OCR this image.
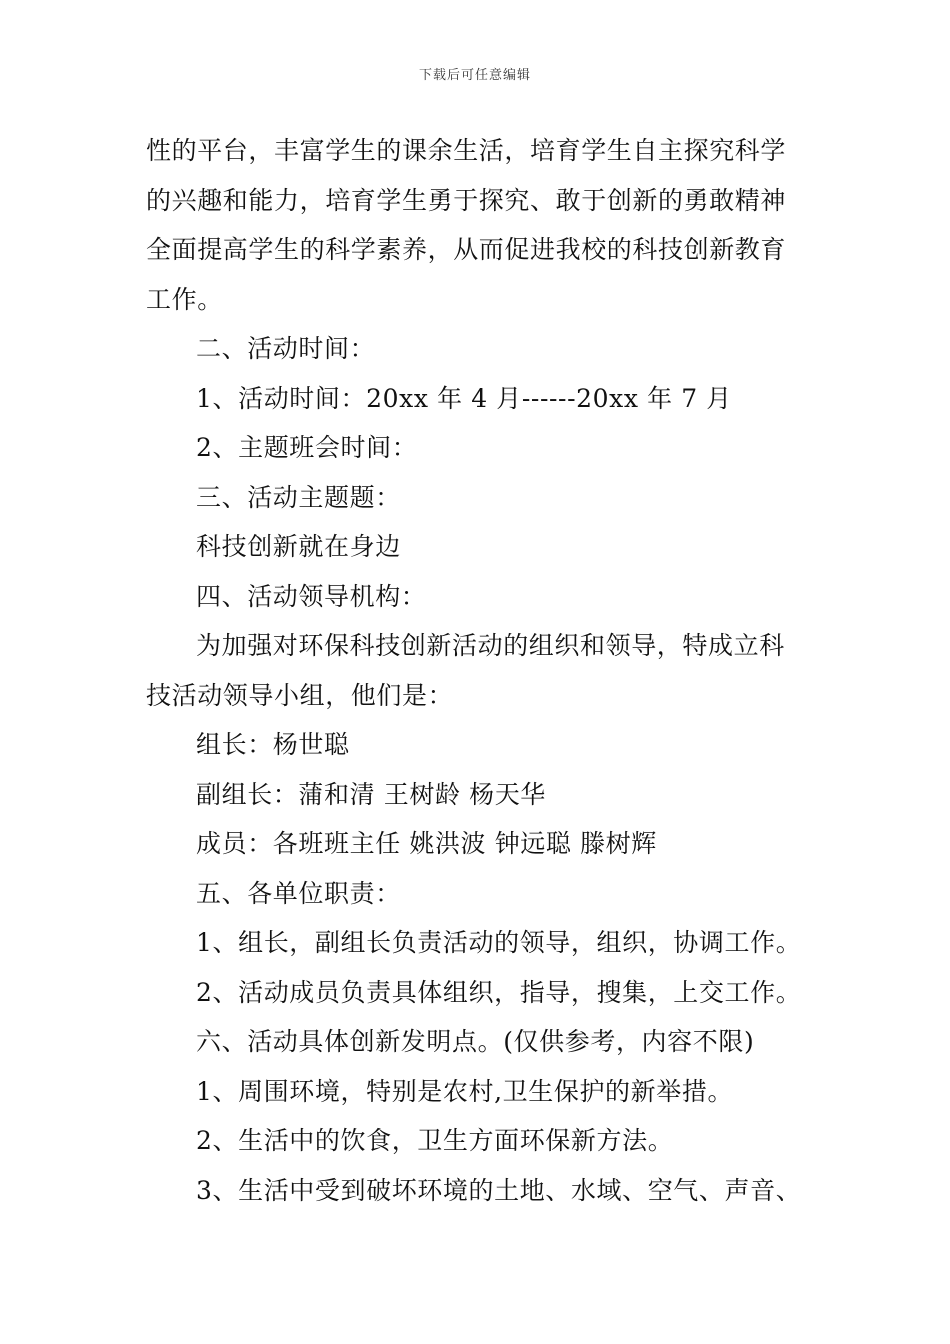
下载后可任意编辑
性的平台，丰富学生的课余生活，培育学生自主探究科学
的兴趣和能力，培育学生勇于探究、敢于创新的勇敢精神
全面提高学生的科学素养，从而促进我校的科技创新教育
工作。
二、活动时间：
1、活动时间：20xx 年 4 月------20xx 年 7 月
2、主题班会时间：
三、活动主题题：
科技创新就在身边
四、活动领导机构：
为加强对环保科技创新活动的组织和领导，特成立科
技活动领导小组，他们是：
组长：杨世聪
副组长：蒲和清 王树龄 杨天华
成员：各班班主任 姚洪波 钟远聪 滕树辉
五、各单位职责：
1、组长，副组长负责活动的领导，组织，协调工作。
2、活动成员负责具体组织，指导，搜集，上交工作。
六、活动具体创新发明点。(仅供参考，内容不限)
1、周围环境，特别是农村,卫生保护的新举措。
2、生活中的饮食，卫生方面环保新方法。
3、生活中受到破坏环境的土地、水域、空气、声音、
